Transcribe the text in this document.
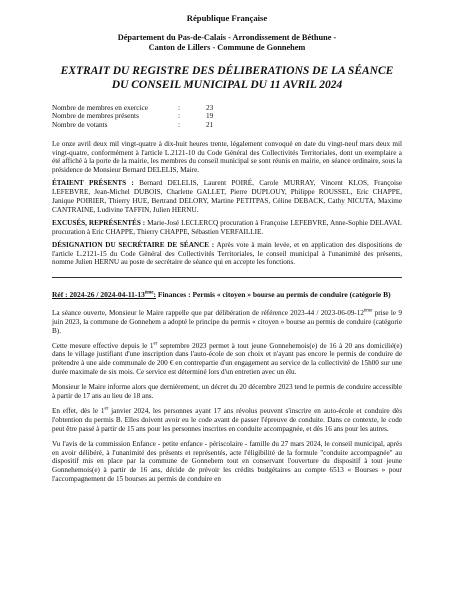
République Française
Département du Pas-de-Calais - Arrondissement de Béthune -
Canton de Lillers - Commune de Gonnehem
EXTRAIT DU REGISTRE DES DÉLIBERATIONS DE LA SÉANCE
DU CONSEIL MUNICIPAL DU 11 AVRIL 2024
Nombre de membres en exercice	:	23
Nombre de membres présents	:	19
Nombre de votants	:	21

Le onze avril deux mil vingt-quatre à dix-huit heures trente, légalement convoqué en date du vingt-neuf mars deux mil vingt-quatre, conformément à l'article L.2121-10 du Code Général des Collectivités Territoriales, dont un exemplaire a été affiché à la porte de la mairie, les membres du conseil municipal se sont réunis en mairie, en séance ordinaire, sous la présidence de Monsieur Bernard DELELIS, Maire.

ÉTAIENT PRÉSENTS : Bernard DELELIS, Laurent POIRÉ, Carole MURRAY, Vincent KLOS, Françoise LEFEBVRE, Jean-Michel DUBOIS, Charlette GALLET, Pierre DUPLOUY, Philippe ROUSSEL, Eric CHAPPE, Janique POIRIER, Thierry HUE, Bertrand DELORY, Martine PETITPAS, Céline DEBACK, Cathy NICUTA, Maxime CANTRAINE, Ludivine TAFFIN, Julien HERNU.

EXCUSÉS, REPRÉSENTÉS : Marie-José LECLERCQ procuration à Françoise LEFEBVRE, Anne-Sophie DELAVAL procuration à Eric CHAPPE, Thierry CHAPPE, Sébastien VERFAILLIE.

DÉSIGNATION DU SECRÉTAIRE DE SÉANCE : Après vote à main levée, et en application des dispositions de l'article L.2121-15 du Code Général des Collectivités Territoriales, le conseil municipal à l'unanimité des présents, nomme Julien HERNU au poste de secrétaire de séance qui en accepte les fonctions.

Réf : 2024-26 / 2024-04-11-13ème: Finances : Permis « citoyen » bourse au permis de conduire (catégorie B)

La séance ouverte, Monsieur le Maire rappelle que par délibération de référence 2023-44 / 2023-06-09-12ème prise le 9 juin 2023, la commune de Gonnehem a adopté le principe du permis « citoyen » bourse au permis de conduire (catégorie B).

Cette mesure effective depuis le 1er septembre 2023 permet à tout jeune Gonnehemois(e) de 16 à 20 ans domicilié(e) dans le village justifiant d'une inscription dans l'auto-école de son choix et n'ayant pas encore le permis de conduire de prétendre à une aide communale de 200 € en contrepartie d'un engagement au service de la collectivité de 15h00 sur une durée maximale de six mois. Ce service est déterminé lors d'un entretien avec un élu.

Monsieur le Maire informe alors que dernièrement, un décret du 20 décembre 2023 tend le permis de conduire accessible à partir de 17 ans au lieu de 18 ans.

En effet, dès le 1er janvier 2024, les personnes ayant 17 ans révolus peuvent s'inscrire en auto-école et conduire dès l'obtention du permis B. Elles doivent avoir eu le code avant de passer l'épreuve de conduite. Dans ce contexte, le code peut être passé à partir de 15 ans pour les personnes inscrites en conduite accompagnée, et dès 16 ans pour les autres.

Vu l'avis de la commission Enfance - petite enfance - périscolaire - famille du 27 mars 2024, le conseil municipal, après en avoir délibéré, à l'unanimité des présents et représentés, acte l'éligibilité de la formule "conduite accompagnée" au dispositif mis en place par la commune de Gonnehem tout en conservant l'ouverture du dispositif à tout jeune Gonnehemois(e) à partir de 16 ans, décide de prévoir les crédits budgétaires au compte 6513 « Bourses » pour l'accompagnement de 15 bourses au permis de conduire en
